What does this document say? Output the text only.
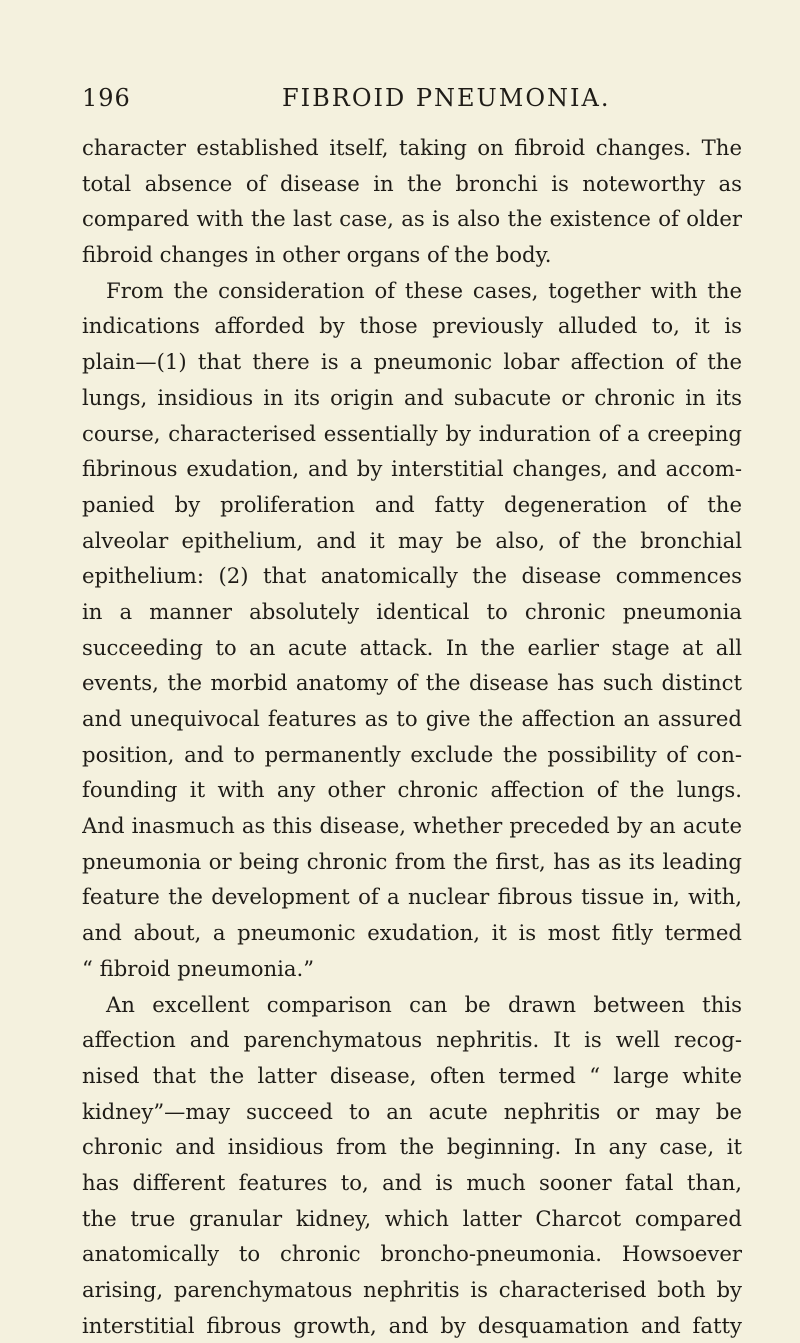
196	FIBROID PNEUMONIA.
character established itself, taking on fibroid changes. The
total absence of disease in the bronchi is noteworthy as
compared with the last case, as is also the existence of older
fibroid changes in other organs of the body.
From the consideration of these cases, together with the
indications afforded by those previously alluded to, it is
plain—(1) that there is a pneumonic lobar affection of the
lungs, insidious in its origin and subacute or chronic in its
course, characterised essentially by induration of a creeping
fibrinous exudation, and by interstitial changes, and accom-
panied by proliferation and fatty degeneration of the
alveolar epithelium, and it may be also, of the bronchial
epithelium: (2) that anatomically the disease commences
in a manner absolutely identical to chronic pneumonia
succeeding to an acute attack. In the earlier stage at all
events, the morbid anatomy of the disease has such distinct
and unequivocal features as to give the affection an assured
position, and to permanently exclude the possibility of con-
founding it with any other chronic affection of the lungs.
And inasmuch as this disease, whether preceded by an acute
pneumonia or being chronic from the first, has as its leading
feature the development of a nuclear fibrous tissue in, with,
and about, a pneumonic exudation, it is most fitly termed
“ fibroid pneumonia.”
An excellent comparison can be drawn between this
affection and parenchymatous nephritis. It is well recog-
nised that the latter disease, often termed “ large white
kidney”—may succeed to an acute nephritis or may be
chronic and insidious from the beginning. In any case, it
has different features to, and is much sooner fatal than,
the true granular kidney, which latter Charcot compared
anatomically to chronic broncho-pneumonia. Howsoever
arising, parenchymatous nephritis is characterised both by
interstitial fibrous growth, and by desquamation and fatty
